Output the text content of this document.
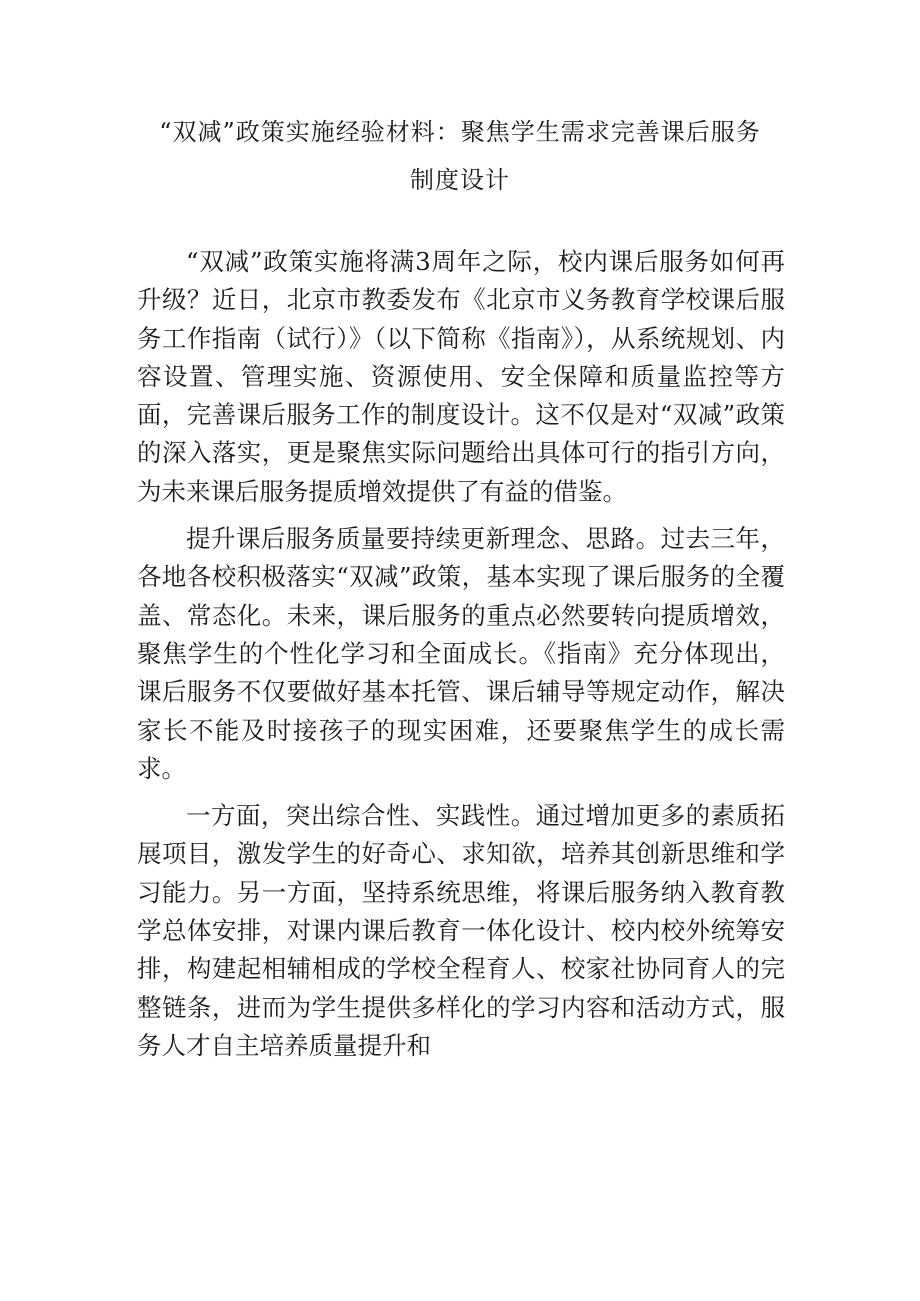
“双减”政策实施经验材料：聚焦学生需求完善课后服务制度设计

“双减”政策实施将满3周年之际，校内课后服务如何再升级？近日，北京市教委发布《北京市义务教育学校课后服务工作指南（试行）》（以下简称《指南》），从系统规划、内容设置、管理实施、资源使用、安全保障和质量监控等方面，完善课后服务工作的制度设计。这不仅是对“双减”政策的深入落实，更是聚焦实际问题给出具体可行的指引方向，为未来课后服务提质增效提供了有益的借鉴。

提升课后服务质量要持续更新理念、思路。过去三年，各地各校积极落实“双减”政策，基本实现了课后服务的全覆盖、常态化。未来，课后服务的重点必然要转向提质增效，聚焦学生的个性化学习和全面成长。《指南》充分体现出，课后服务不仅要做好基本托管、课后辅导等规定动作，解决家长不能及时接孩子的现实困难，还要聚焦学生的成长需求。

一方面，突出综合性、实践性。通过增加更多的素质拓展项目，激发学生的好奇心、求知欲，培养其创新思维和学习能力。另一方面，坚持系统思维，将课后服务纳入教育教学总体安排，对课内课后教育一体化设计、校内校外统筹安排，构建起相辅相成的学校全程育人、校家社协同育人的完整链条，进而为学生提供多样化的学习内容和活动方式，服务人才自主培养质量提升和
